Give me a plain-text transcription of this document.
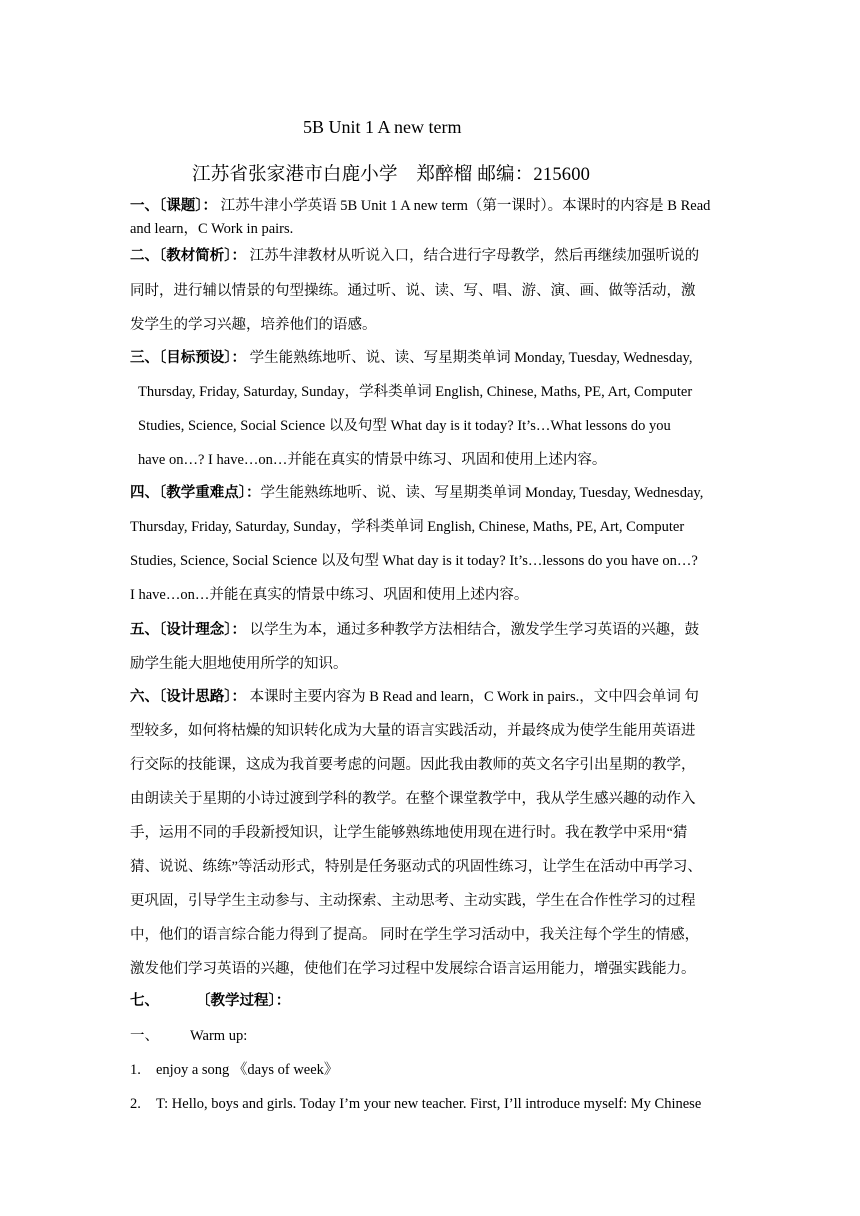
5B Unit 1 A new term
江苏省张家港市白鹿小学　郑醉榴 邮编：215600
一、〔课题〕： 江苏牛津小学英语 5B Unit 1 A new term（第一课时）。本课时的内容是 B Read
and learn，C Work in pairs.
二、〔教材简析〕： 江苏牛津教材从听说入口，结合进行字母教学，然后再继续加强听说的
同时，进行辅以情景的句型操练。通过听、说、读、写、唱、游、演、画、做等活动，激
发学生的学习兴趣，培养他们的语感。
三、〔目标预设〕： 学生能熟练地听、说、读、写星期类单词 Monday, Tuesday, Wednesday,
Thursday, Friday, Saturday, Sunday，学科类单词 English, Chinese, Maths, PE, Art, Computer
Studies, Science, Social Science 以及句型 What day is it today? It’s…What lessons do you
have on…? I have…on…并能在真实的情景中练习、巩固和使用上述内容。
四、〔教学重难点〕：学生能熟练地听、说、读、写星期类单词 Monday, Tuesday, Wednesday,
Thursday, Friday, Saturday, Sunday，学科类单词 English, Chinese, Maths, PE, Art, Computer
Studies, Science, Social Science 以及句型 What day is it today? It’s…lessons do you have on…?
I have…on…并能在真实的情景中练习、巩固和使用上述内容。
五、〔设计理念〕： 以学生为本，通过多种教学方法相结合，激发学生学习英语的兴趣，鼓
励学生能大胆地使用所学的知识。
六、〔设计思路〕： 本课时主要内容为 B Read and learn，C Work in pairs.，文中四会单词 句
型较多，如何将枯燥的知识转化成为大量的语言实践活动，并最终成为使学生能用英语进
行交际的技能课，这成为我首要考虑的问题。因此我由教师的英文名字引出星期的教学，
由朗读关于星期的小诗过渡到学科的教学。在整个课堂教学中，我从学生感兴趣的动作入
手，运用不同的手段新授知识，让学生能够熟练地使用现在进行时。我在教学中采用“猜
猜、说说、练练”等活动形式，特别是任务驱动式的巩固性练习，让学生在活动中再学习、
更巩固，引导学生主动参与、主动探索、主动思考、主动实践，学生在合作性学习的过程
中，他们的语言综合能力得到了提高。 同时在学生学习活动中，我关注每个学生的情感，
激发他们学习英语的兴趣，使他们在学习过程中发展综合语言运用能力，增强实践能力。
七、	〔教学过程〕：
一、 Warm up:
1. enjoy a song 《days of week》
2. T: Hello, boys and girls. Today I’m your new teacher. First, I’ll introduce myself: My Chinese
